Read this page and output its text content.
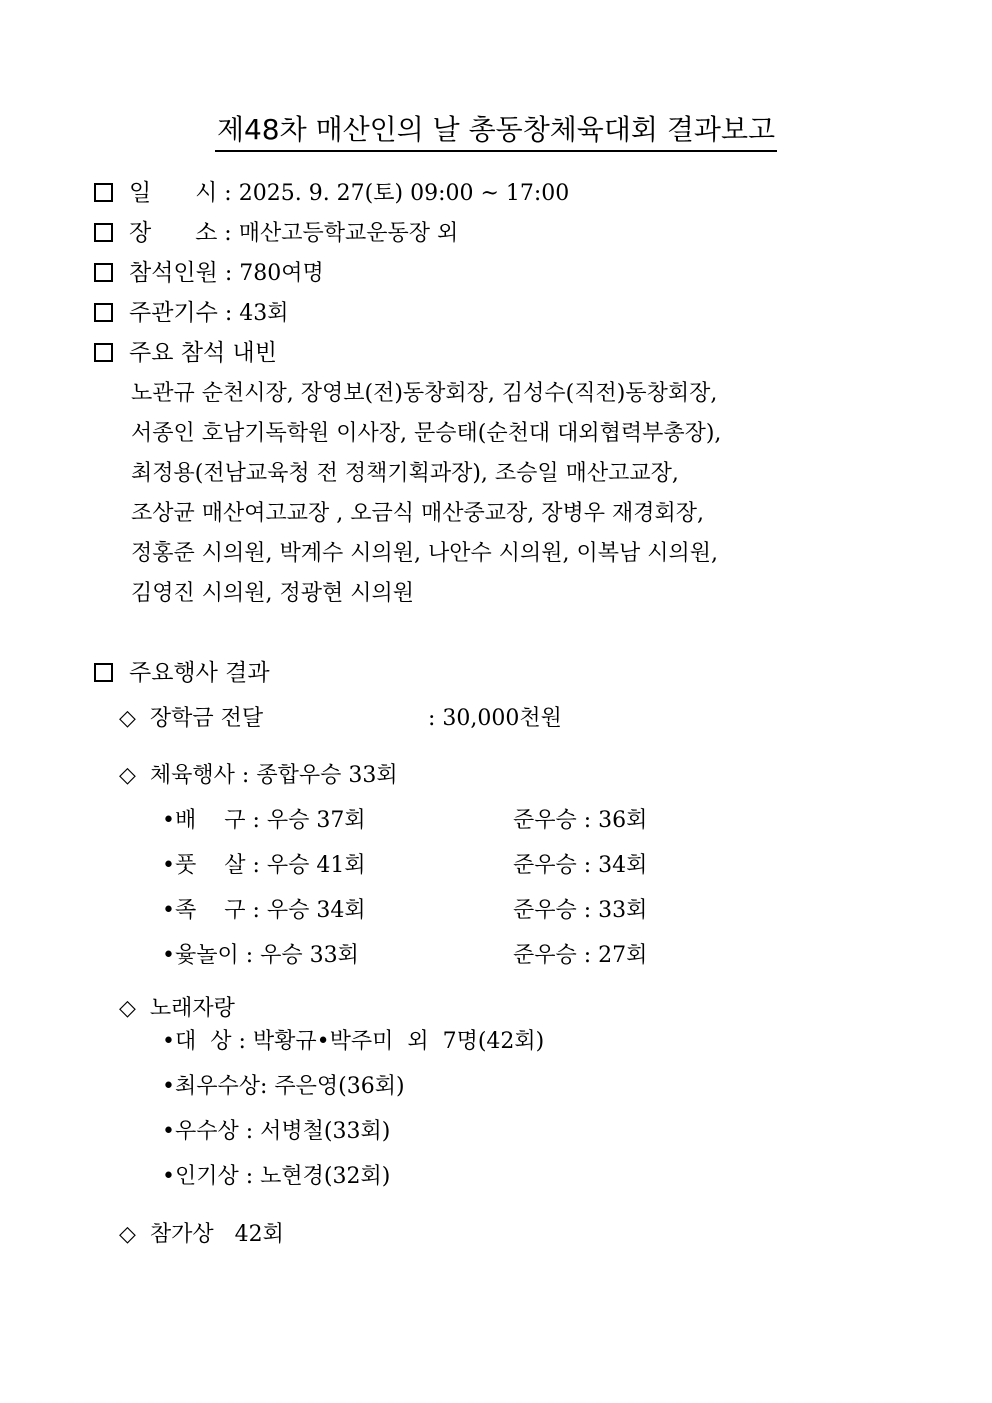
제48차 매산인의 날 총동창체육대회 결과보고
일      시 : 2025. 9. 27(토) 09:00 ~ 17:00
장      소 : 매산고등학교운동장 외
참석인원 : 780여명
주관기수 : 43회
주요 참석 내빈
노관규 순천시장, 장영보(전)동창회장, 김성수(직전)동창회장,
서종인 호남기독학원 이사장, 문승태(순천대 대외협력부총장),
최정용(전남교육청 전 정책기획과장), 조승일 매산고교장,
조상균 매산여고교장 , 오금식 매산중교장, 장병우 재경회장,
정홍준 시의원, 박계수 시의원, 나안수 시의원, 이복남 시의원,
김영진 시의원, 정광현 시의원
주요행사 결과
◇ 장학금 전달	: 30,000천원
◇ 체육행사 : 종합우승 33회
•배    구 : 우승 37회	준우승 : 36회
•풋    살 : 우승 41회	준우승 : 34회
•족    구 : 우승 34회	준우승 : 33회
•윷놀이 : 우승 33회	준우승 : 27회
◇ 노래자랑
•대  상 : 박황규•박주미  외  7명(42회)
•최우수상: 주은영(36회)
•우수상 : 서병철(33회)
•인기상 : 노현경(32회)
◇ 참가상 42회
